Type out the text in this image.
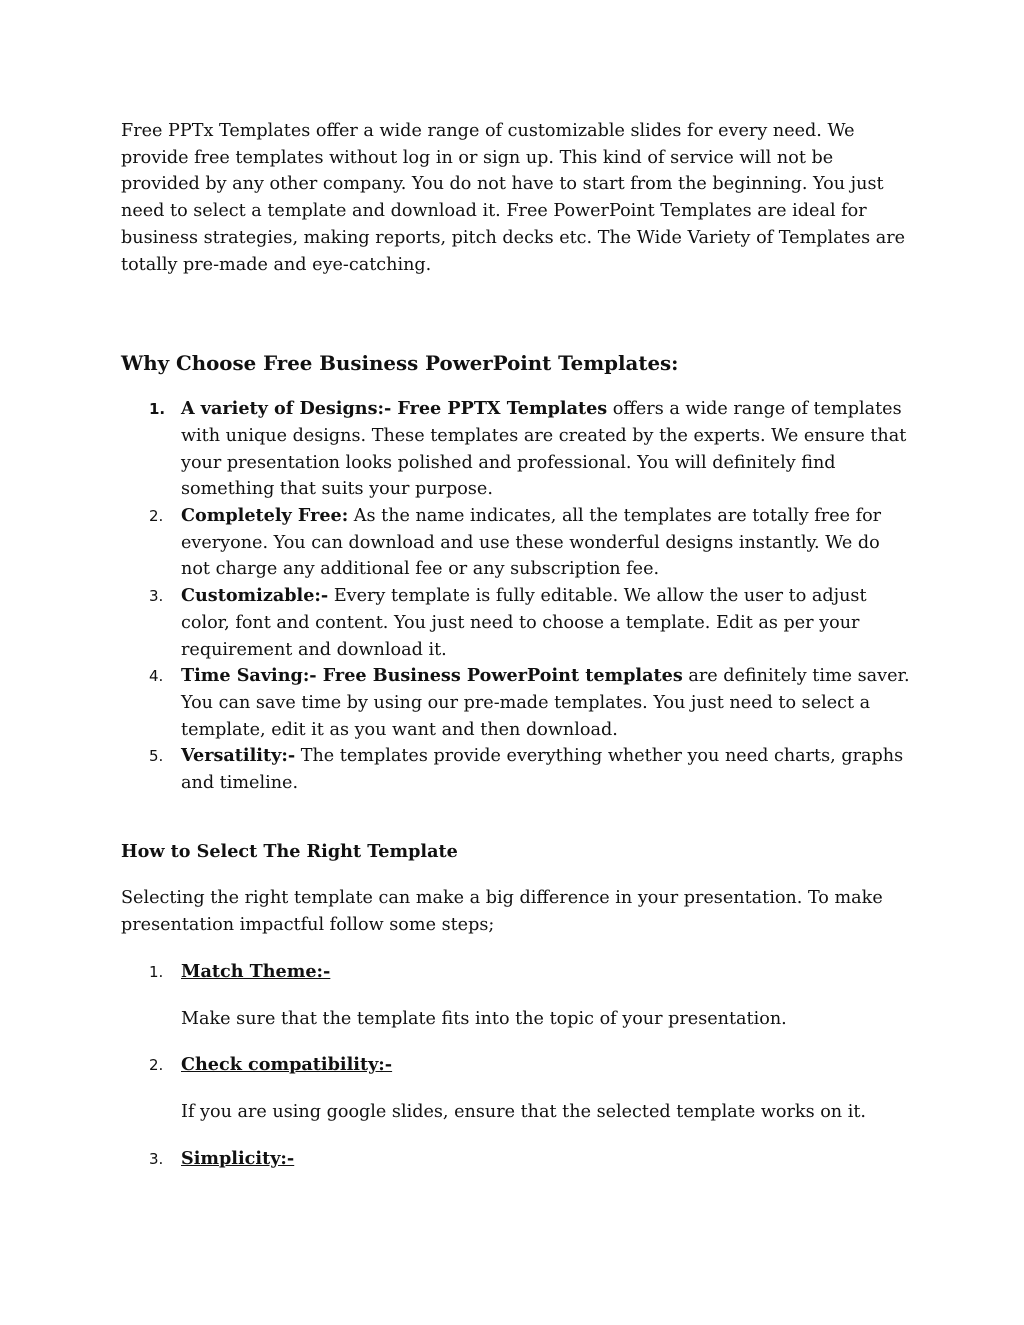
Free PPTx Templates offer a wide range of customizable slides for every need. We provide free templates without log in or sign up. This kind of service will not be provided by any other company. You do not have to start from the beginning. You just need to select a template and download it. Free PowerPoint Templates are ideal for business strategies, making reports, pitch decks etc. The Wide Variety of Templates are totally pre-made and eye-catching.

Why Choose Free Business PowerPoint Templates:

1. A variety of Designs:- Free PPTX Templates offers a wide range of templates with unique designs. These templates are created by the experts. We ensure that your presentation looks polished and professional. You will definitely find something that suits your purpose.
2. Completely Free: As the name indicates, all the templates are totally free for everyone. You can download and use these wonderful designs instantly. We do not charge any additional fee or any subscription fee.
3. Customizable:- Every template is fully editable. We allow the user to adjust color, font and content. You just need to choose a template. Edit as per your requirement and download it.
4. Time Saving:- Free Business PowerPoint templates are definitely time saver. You can save time by using our pre-made templates. You just need to select a template, edit it as you want and then download.
5. Versatility:- The templates provide everything whether you need charts, graphs and timeline.

How to Select The Right Template

Selecting the right template can make a big difference in your presentation. To make presentation impactful follow some steps;

1. Match Theme:-
Make sure that the template fits into the topic of your presentation.
2. Check compatibility:-
If you are using google slides, ensure that the selected template works on it.
3. Simplicity:-
